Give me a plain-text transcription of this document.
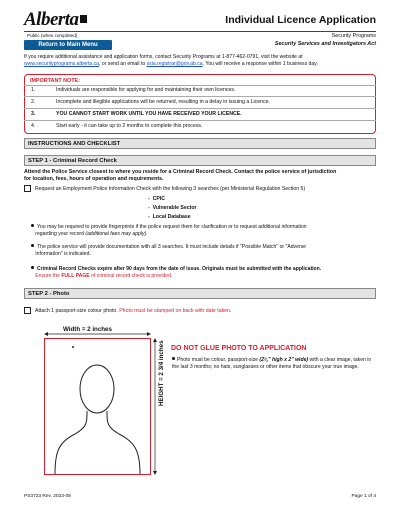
Alberta	Individual Licence Application
Public (when completed)
Return to Main Menu
Security Programs
Security Services and Investigators Act
If you require additional assistance and application forms, contact Security Programs at 1-877-462-0791, visit the website at
www.securityprograms.alberta.ca, or send an email to ssia.registrar@gov.ab.ca. You will receive a response within 1 business day.
IMPORTANT NOTE:
1.	Individuals are responsible for applying for and maintaining their own licences.
2.	Incomplete and illegible applications will be returned, resulting in a delay in issuing a Licence.
3.	YOU CANNOT START WORK UNTIL YOU HAVE RECEIVED YOUR LICENCE.
4.	Start early - it can take up to 2 months to complete this process.
INSTRUCTIONS AND CHECKLIST
STEP 1 - Criminal Record Check
Attend the Police Service closest to where you reside for a Criminal Record Check. Contact the police service of jurisdiction
for location, fees, hours of operation and requirements.
Request an Employment Police Information Check with the following 3 searches (per Ministerial Regulation Section 5)
-  CPIC
-  Vulnerable Sector
-  Local Database
You may be required to provide fingerprints if the police request them for clarification or to request additional information
regarding your record (additional fees may apply).
The police service will provide documentation with all 3 searches. It must include details if "Possible Match" or "Adverse
Information" is indicated.
Criminal Record Checks expire after 90 days from the date of issue. Originals must be submitted with the application.
Ensure the FULL PAGE of criminal record check is provided.
STEP 2 - Photo
Attach 1 passport-size colour photo. Photo must be stamped on back with date taken.
Width = 2 inches
HEIGHT = 2 3/4 inches DO NOT GLUE PHOTO TO APPLICATION
Photo must be colour, passport-size (2¾" high x 2" wide) with a clear image, taken in the last 3 months; no hats, sunglasses or other items that obscure your true image.
PS3723 Rev. 2023-08	Page 1 of 4
